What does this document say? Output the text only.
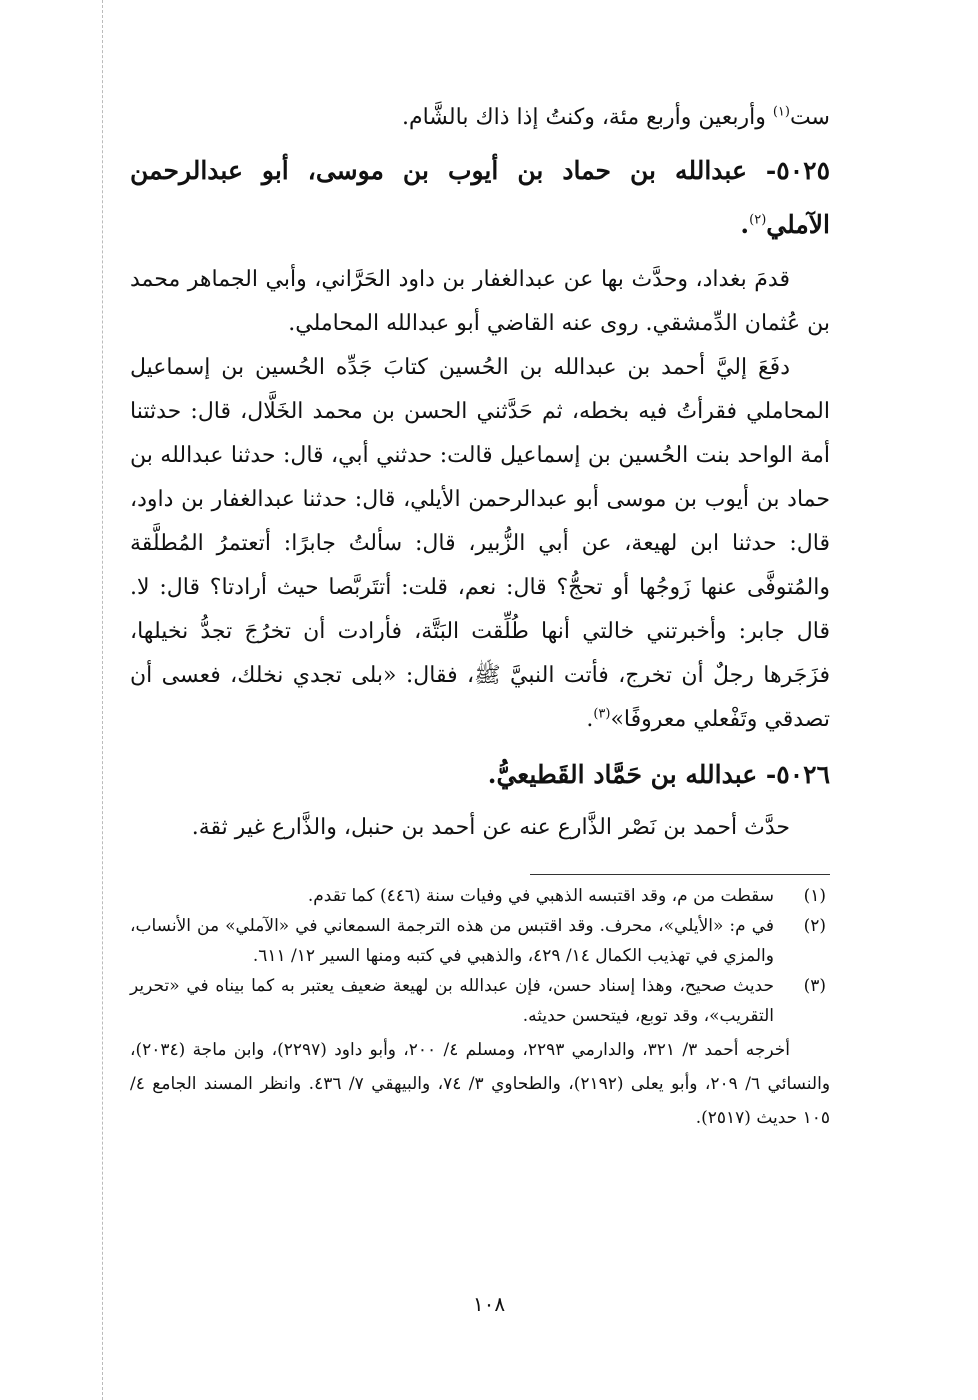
ست$^{(١)}$ وأربعين وأربع مئة، وكنتُ إذا ذاك بالشَّام.

٥٠٢٥- عبدالله بن حماد بن أيوب بن موسى، أبو عبدالرحمن الآملي$^{(٢)}$.

قدمَ بغداد، وحدَّث بها عن عبدالغفار بن داود الحَرَّاني، وأبي الجماهر محمد بن عُثمان الدِّمشقي. روى عنه القاضي أبو عبدالله المحاملي.

دفَعَ إليَّ أحمد بن عبدالله بن الحُسين كتابَ جَدِّه الحُسين بن إسماعيل المحاملي فقرأتُ فيه بخطه، ثم حَدَّثني الحسن بن محمد الخَلَّال، قال: حدثتنا أمة الواحد بنت الحُسين بن إسماعيل قالت: حدثني أبي، قال: حدثنا عبدالله بن حماد بن أيوب بن موسى أبو عبدالرحمن الأيلي، قال: حدثنا عبدالغفار بن داود، قال: حدثنا ابن لهيعة، عن أبي الزُّبير، قال: سألتُ جابرًا: أتعتمرُ المُطلَّقة والمُتوفَّى عنها زَوجُها أو تحجُّ؟ قال: نعم، قلت: أتتَربَّصا حيث أرادتا؟ قال: لا. قال جابر: وأخبرتني خالتي أنها طُلِّقت البَتَّة، فأرادت أن تخرُجَ تجدُّ نخيلها، فزَجَرها رجلٌ أن تخرج، فأتت النبيَّ ﷺ، فقال: «بلى تجدي نخلك، فعسى أن تصدقي وتَفْعلي معروفًا»$^{(٣)}$.

٥٠٢٦- عبدالله بن حَمَّاد القَطيعيُّ.

حدَّث أحمد بن نَصْر الذَّارع عنه عن أحمد بن حنبل، والذَّارع غير ثقة.

(١)
سقطت من م، وقد اقتبسه الذهبي في وفيات سنة (٤٤٦) كما تقدم.

(٢)
في م: «الأيلي»، محرف. وقد اقتبس من هذه الترجمة السمعاني في «الآملي» من الأنساب، والمزي في تهذيب الكمال ١٤/ ٤٢٩، والذهبي في كتبه ومنها السير ١٢/ ٦١١.

(٣)
حديث صحيح، وهذا إسناد حسن، فإن عبدالله بن لهيعة ضعيف يعتبر به كما بيناه في «تحرير التقريب»، وقد توبع، فيتحسن حديثه.

أخرجه أحمد ٣/ ٣٢١، والدارمي ٢٢٩٣، ومسلم ٤/ ٢٠٠، وأبو داود (٢٢٩٧)، وابن ماجة (٢٠٣٤)، والنسائي ٦/ ٢٠٩، وأبو يعلى (٢١٩٢)، والطحاوي ٣/ ٧٤، والبيهقي ٧/ ٤٣٦. وانظر المسند الجامع ٤/ ١٠٥ حديث (٢٥١٧).

١٠٨
